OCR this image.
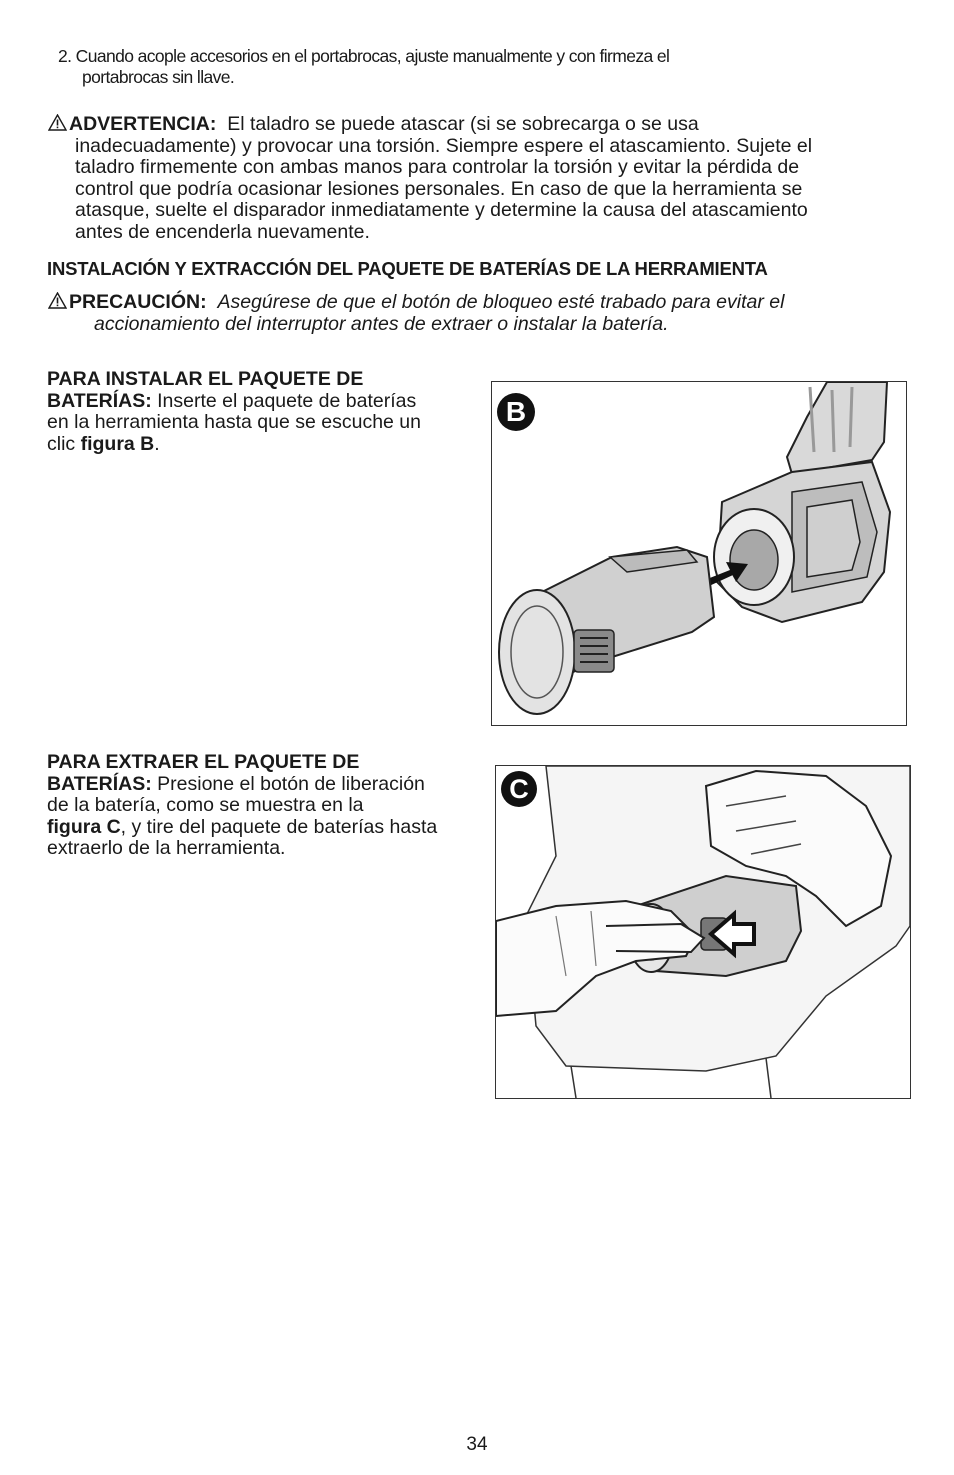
2. Cuando acople accesorios en el portabrocas, ajuste manualmente y con firmeza el
portabrocas sin llave.
ADVERTENCIA: El taladro se puede atascar (si se sobrecarga o se usa
inadecuadamente) y provocar una torsión. Siempre espere el atascamiento. Sujete el
taladro firmemente con ambas manos para controlar la torsión y evitar la pérdida de
control que podría ocasionar lesiones personales. En caso de que la herramienta se
atasque, suelte el disparador inmediatamente y determine la causa del atascamiento
antes de encenderla nuevamente.
INSTALACIÓN Y EXTRACCIÓN DEL PAQUETE DE BATERÍAS DE LA HERRAMIENTA
PRECAUCIÓN: Asegúrese de que el botón de bloqueo esté trabado para evitar el
accionamiento del interruptor antes de extraer o instalar la batería.
PARA INSTALAR EL PAQUETE DE
BATERÍAS: Inserte el paquete de baterías
en la herramienta hasta que se escuche un
clic figura B.
PARA EXTRAER EL PAQUETE DE
BATERÍAS: Presione el botón de liberación
de la batería, como se muestra en la
figura C, y tire del paquete de baterías hasta
extraerlo de la herramienta.
B
C
34
